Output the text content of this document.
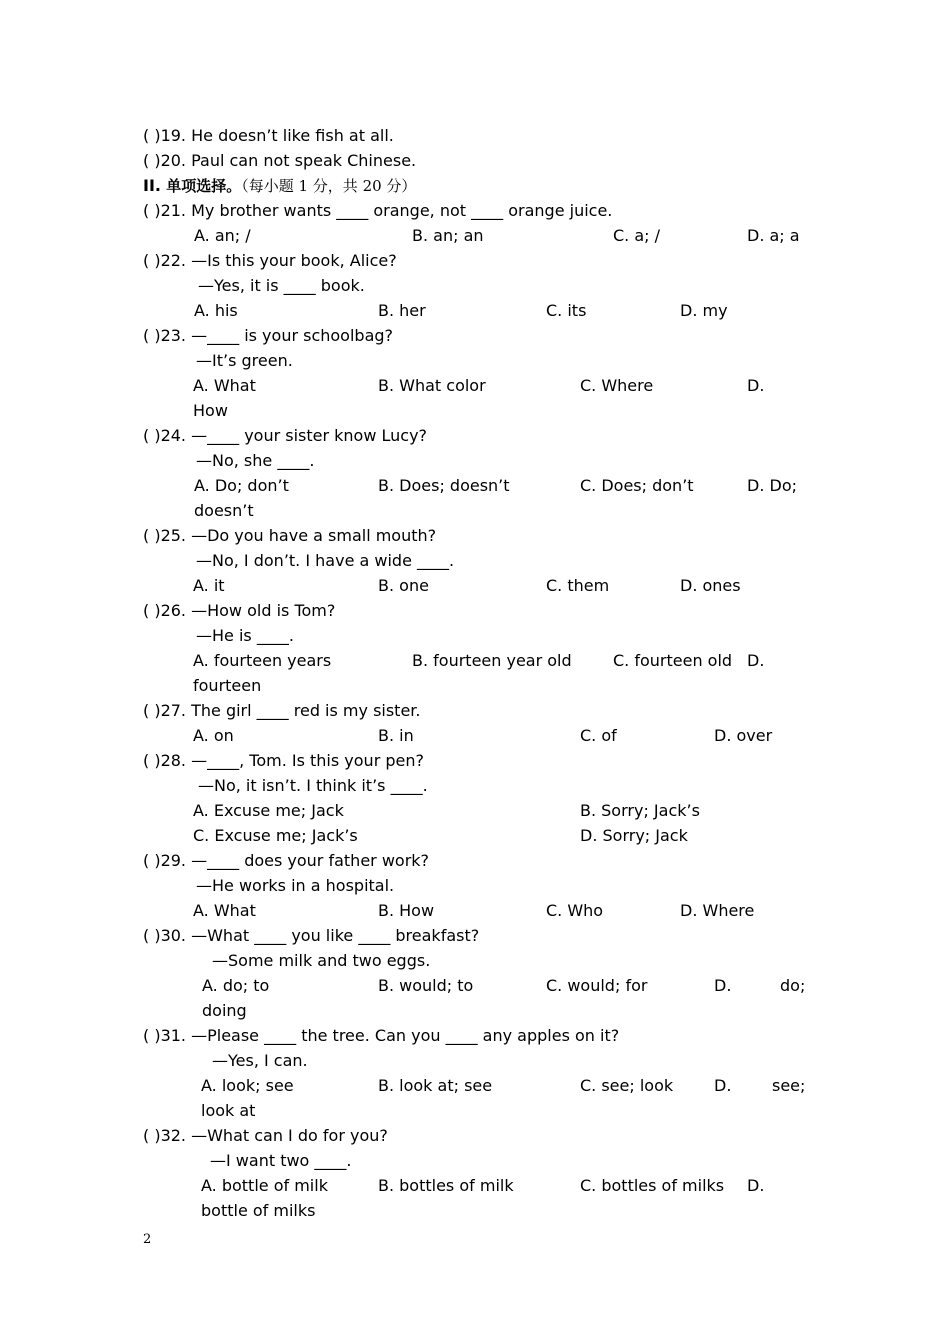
( )19. He doesn’t like fish at all.
( )20. Paul can not speak Chinese.
II. 单项选择。（每小题 1 分，共 20 分）
( )21. My brother wants ____ orange, not ____ orange juice.
A. an; /	B. an; an	C. a; /	D. a; a
( )22. —Is this your book, Alice?
—Yes, it is ____ book.
A. his	B. her	C. its	D. my
( )23. —____ is your schoolbag?
—It’s green.
A. What	B. What color	C. Where	D.
How
( )24. —____ your sister know Lucy?
—No, she ____.
A. Do; don’t	B. Does; doesn’t	C. Does; don’t	D. Do;
doesn’t
( )25. —Do you have a small mouth?
—No, I don’t. I have a wide ____.
A. it	B. one	C. them	D. ones
( )26. —How old is Tom?
—He is ____.
A. fourteen years	B. fourteen year old	C. fourteen old D.
fourteen
( )27. The girl ____ red is my sister.
A. on	B. in	C. of	D. over
( )28. —____, Tom. Is this your pen?
—No, it isn’t. I think it’s ____.
A. Excuse me; Jack	B. Sorry; Jack’s
C. Excuse me; Jack’s	D. Sorry; Jack
( )29. —____ does your father work?
—He works in a hospital.
A. What	B. How	C. Who	D. Where
( )30. —What ____ you like ____ breakfast?
—Some milk and two eggs.
A. do; to	B. would; to	C. would; for	D.	do;
doing
( )31. —Please ____ the tree. Can you ____ any apples on it?
—Yes, I can.
A. look; see	B. look at; see	C. see; look	D.	see;
look at
( )32. —What can I do for you?
—I want two ____.
A. bottle of milk	B. bottles of milk	C. bottles of milks D.
bottle of milks
2
